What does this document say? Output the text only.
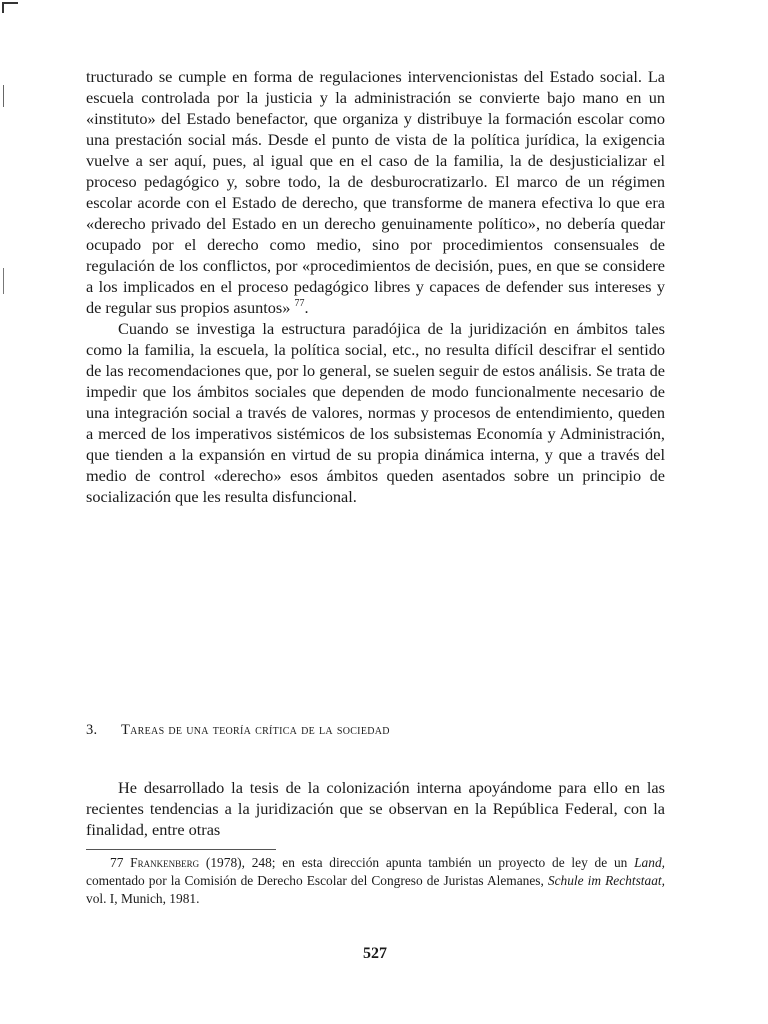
tructurado se cumple en forma de regulaciones intervencionistas del Estado social. La escuela controlada por la justicia y la administración se convierte bajo mano en un «instituto» del Estado benefactor, que organiza y distribuye la formación escolar como una prestación social más. Desde el punto de vista de la política jurídica, la exigencia vuelve a ser aquí, pues, al igual que en el caso de la familia, la de desjusticializar el proceso pedagógico y, sobre todo, la de desburocratizarlo. El marco de un régimen escolar acorde con el Estado de derecho, que transforme de manera efectiva lo que era «derecho privado del Estado en un derecho genuinamente político», no debería quedar ocupado por el derecho como medio, sino por procedimientos consensuales de regulación de los conflictos, por «procedimientos de decisión, pues, en que se considere a los implicados en el proceso pedagógico libres y capaces de defender sus intereses y de regular sus propios asuntos» $^{77}$.

Cuando se investiga la estructura paradójica de la juridización en ámbitos tales como la familia, la escuela, la política social, etc., no resulta difícil descifrar el sentido de las recomendaciones que, por lo general, se suelen seguir de estos análisis. Se trata de impedir que los ámbitos sociales que dependen de modo funcionalmente necesario de una integración social a través de valores, normas y procesos de entendimiento, queden a merced de los imperativos sistémicos de los subsistemas Economía y Administración, que tienden a la expansión en virtud de su propia dinámica interna, y que a través del medio de control «derecho» esos ámbitos queden asentados sobre un principio de socialización que les resulta disfuncional.

3. Tareas de una teoría crítica de la sociedad

He desarrollado la tesis de la colonización interna apoyándome para ello en las recientes tendencias a la juridización que se observan en la República Federal, con la finalidad, entre otras

77 Frankenberg (1978), 248; en esta dirección apunta también un proyecto de ley de un Land, comentado por la Comisión de Derecho Escolar del Congreso de Juristas Alemanes, Schule im Rechtstaat, vol. I, Munich, 1981.

527
